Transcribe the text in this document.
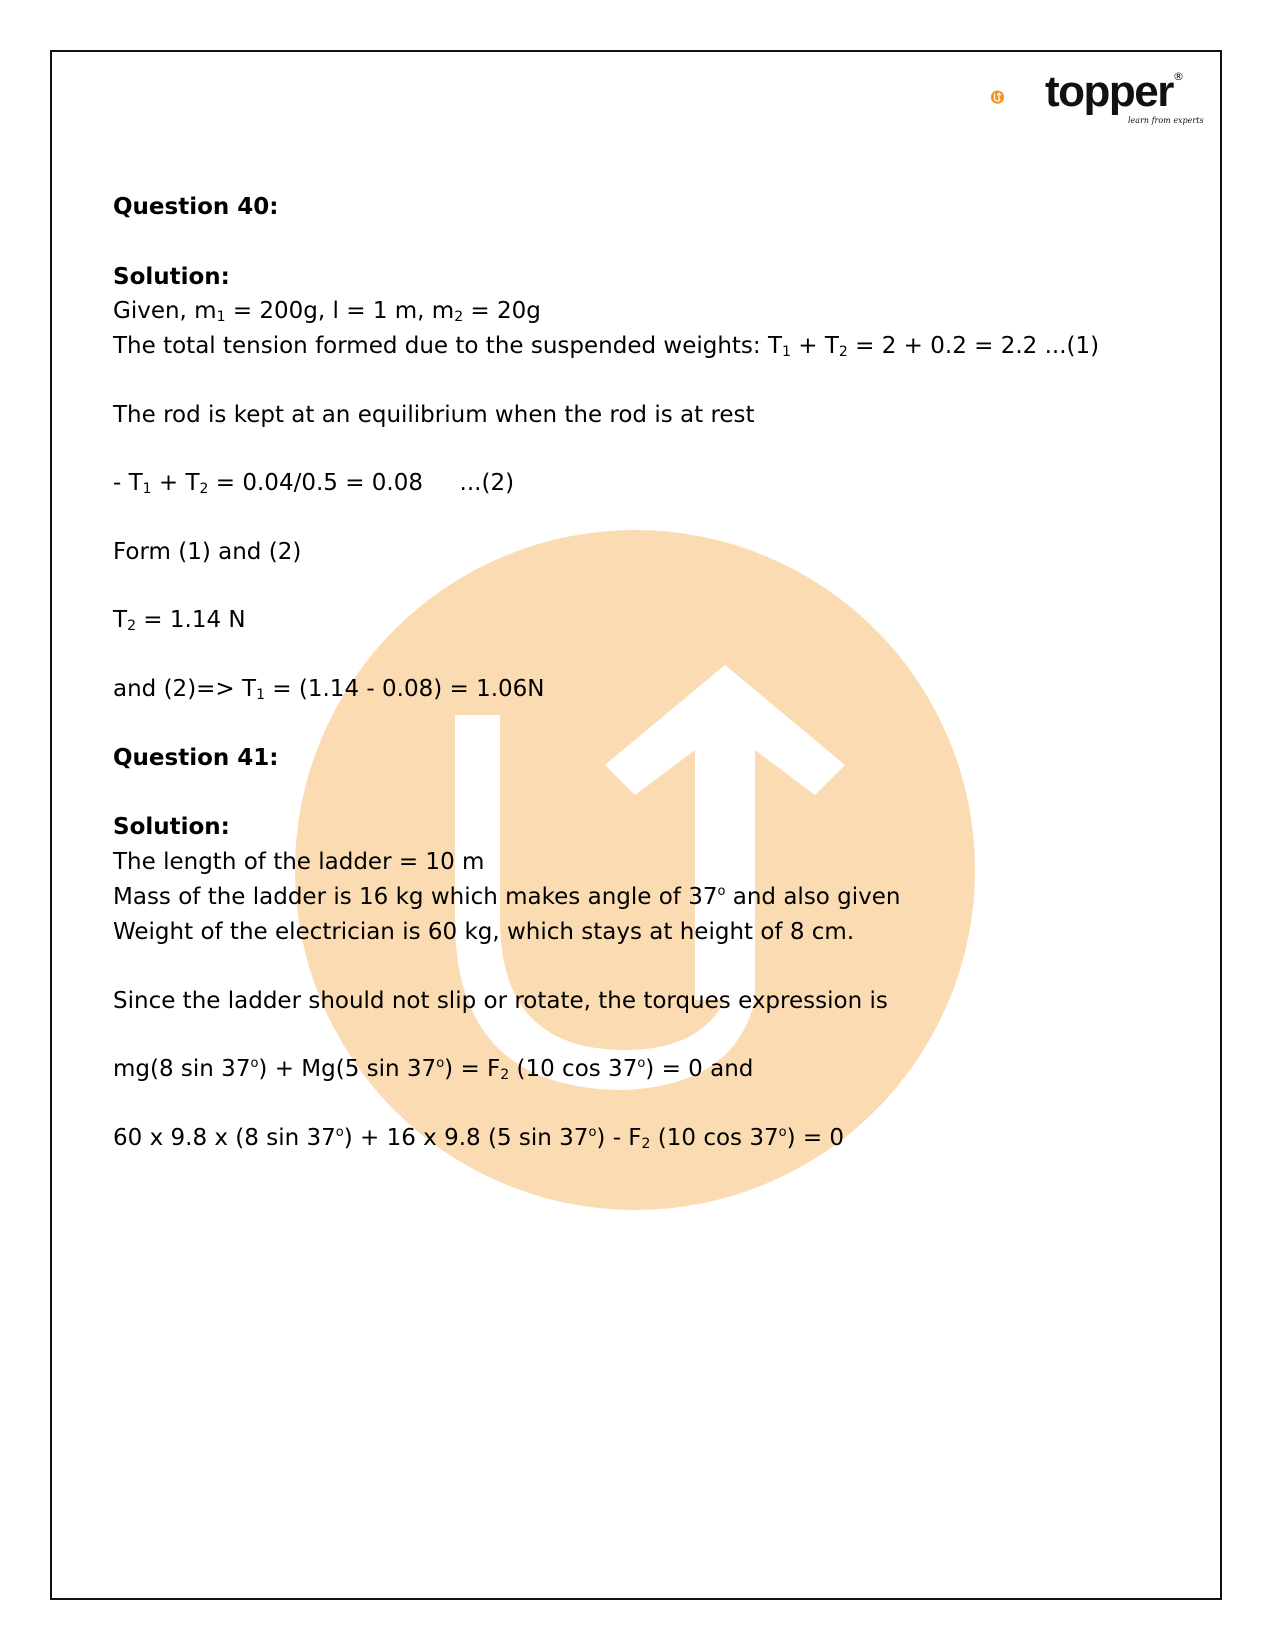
topper ®
learn from experts
Question 40:
Solution:
Given, $m_1 = 200g$, l = 1 m, $m_2 = 20g$
The total tension formed due to the suspended weights: $T_1 + T_2 = 2 + 0.2 = 2.2$ ...(1)
The rod is kept at an equilibrium when the rod is at rest
- $T_1 + T_2 = 0.04/0.5 = 0.08$     ...(2)
Form (1) and (2)
$T_2 = 1.14$ N
and $(2)=> T_1 = (1.14 - 0.08) = 1.06N$
Question 41:
Solution:
The length of the ladder = 10 m
Mass of the ladder is 16 kg which makes angle of 37$^o$ and also given
Weight of the electrician is 60 kg, which stays at height of 8 cm.
Since the ladder should not slip or rotate, the torques expression is
mg(8 $\sin 37^o) + Mg(5$ $\sin 37^o) = F_2$ (10 $\cos 37^o) = 0$ and
60 x 9.8 x (8 $\sin 37^o) + 16$ x 9.8 (5 $\sin 37^o) - F_2$ (10 $\cos 37^o) = 0$
